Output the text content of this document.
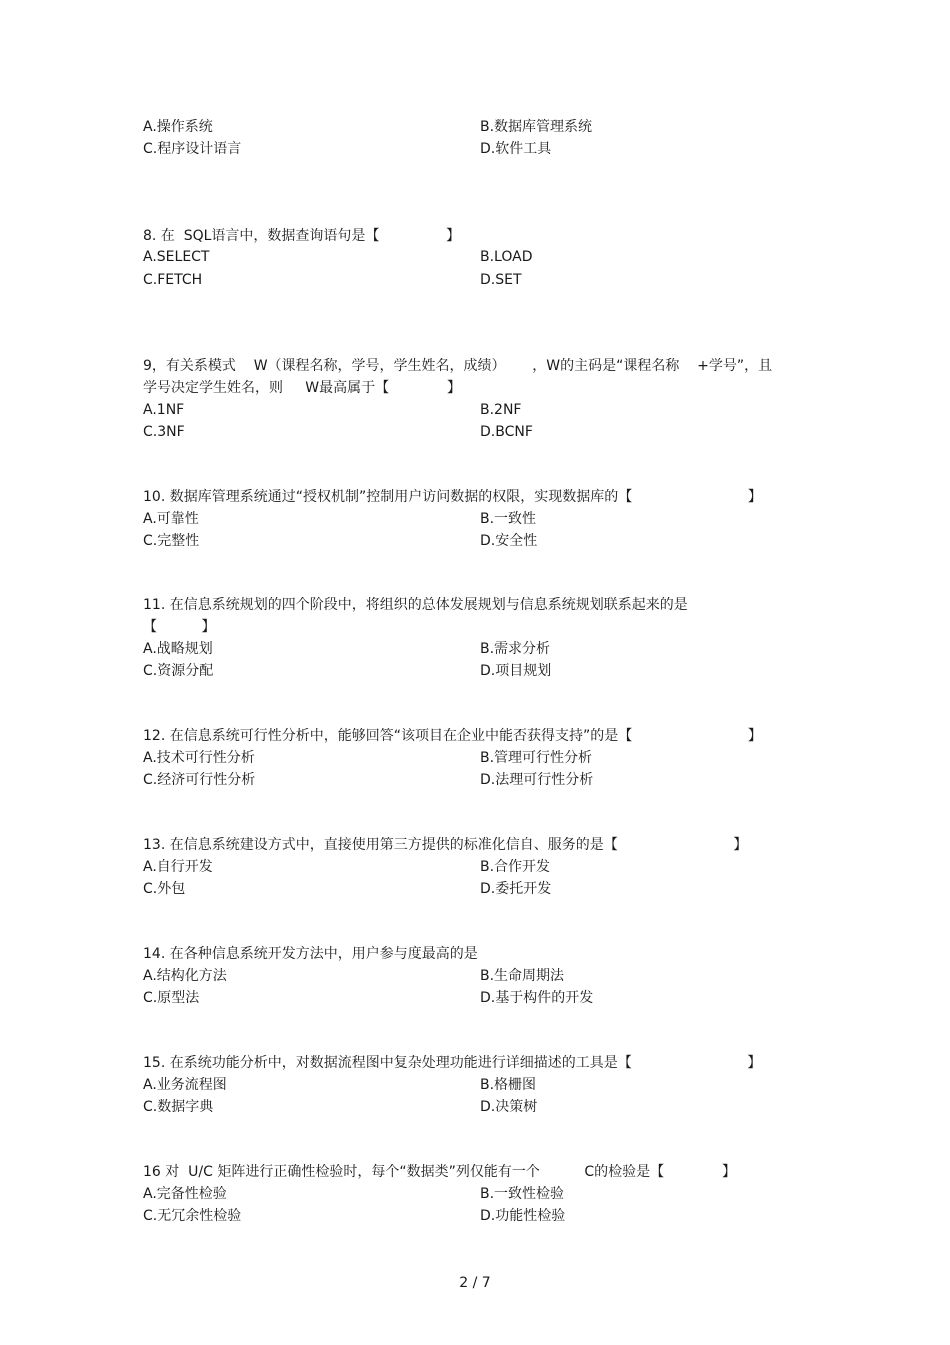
A.操作系统	B.数据库管理系统
C.程序设计语言	D.软件工具
8. 在  SQL语言中，数据查询语句是【               】
A.SELECT	B.LOAD
C.FETCH	D.SET
9，有关系模式    W（课程名称，学号，学生姓名，成绩）      ，W的主码是“课程名称    +学号”，且
学号决定学生姓名，则     W最高属于【             】
A.1NF	B.2NF
C.3NF	D.BCNF
10. 数据库管理系统通过“授权机制”控制用户访问数据的权限，实现数据库的【                          】
A.可靠性	B.一致性
C.完整性	D.安全性
11. 在信息系统规划的四个阶段中，将组织的总体发展规划与信息系统规划联系起来的是
【          】
A.战略规划	B.需求分析
C.资源分配	D.项目规划
12. 在信息系统可行性分析中，能够回答“该项目在企业中能否获得支持”的是【                          】
A.技术可行性分析	B.管理可行性分析
C.经济可行性分析	D.法理可行性分析
13. 在信息系统建设方式中，直接使用第三方提供的标准化信自、服务的是【                          】
A.自行开发	B.合作开发
C.外包	D.委托开发
14. 在各种信息系统开发方法中，用户参与度最高的是
A.结构化方法	B.生命周期法
C.原型法	D.基于构件的开发
15. 在系统功能分析中，对数据流程图中复杂处理功能进行详细描述的工具是【                          】
A.业务流程图	B.格栅图
C.数据字典	D.决策树
16 对  U/C 矩阵进行正确性检验时，每个“数据类”列仅能有一个          C的检验是【             】
A.完备性检验	B.一致性检验
C.无冗余性检验	D.功能性检验
2 / 7
